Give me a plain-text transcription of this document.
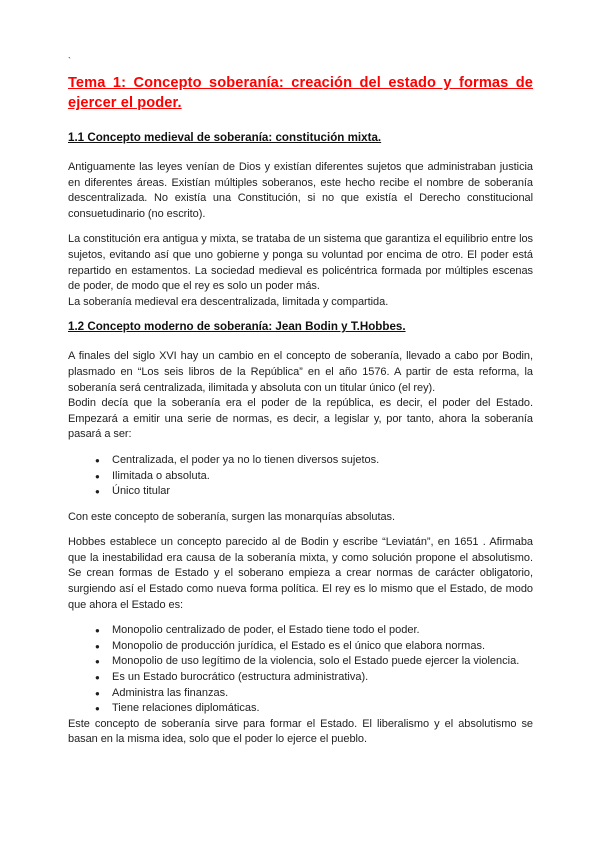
`
Tema 1: Concepto soberanía: creación del estado y formas de ejercer el poder.
1.1 Concepto medieval de soberanía: constitución mixta.
Antiguamente las leyes venían de Dios y existían diferentes sujetos que administraban justicia en diferentes áreas. Existían múltiples soberanos, este hecho recibe el nombre de soberanía descentralizada. No existía una Constitución, si no que existía el Derecho constitucional consuetudinario (no escrito).
La constitución era antigua y mixta, se trataba de un sistema que garantiza el equilibrio entre los sujetos, evitando así que uno gobierne y ponga su voluntad por encima de otro. El poder está repartido en estamentos. La sociedad medieval es policéntrica formada por múltiples escenas de poder, de modo que el rey es solo un poder más.
La soberanía medieval era descentralizada, limitada y compartida.
1.2 Concepto moderno de soberanía: Jean Bodin y T.Hobbes.
A finales del siglo XVI hay un cambio en el concepto de soberanía, llevado a cabo por Bodin, plasmado en “Los seis libros de la República” en el año 1576. A partir de esta reforma, la soberanía será centralizada, ilimitada y absoluta con un titular único (el rey).
Bodin decía que la soberanía era el poder de la república, es decir, el poder del Estado. Empezará a emitir una serie de normas, es decir, a legislar y, por tanto, ahora la soberanía pasará a ser:
●	Centralizada, el poder ya no lo tienen diversos sujetos.
●	Ilimitada o absoluta.
●	Único titular
Con este concepto de soberanía, surgen las monarquías absolutas.
Hobbes establece un concepto parecido al de Bodin y escribe “Leviatán”, en 1651 . Afirmaba que la inestabilidad era causa de la soberanía mixta, y como solución propone el absolutismo. Se crean formas de Estado y el soberano empieza a crear normas de carácter obligatorio, surgiendo así el Estado como nueva forma política. El rey es lo mismo que el Estado, de modo que ahora el Estado es:
●	Monopolio centralizado de poder, el Estado tiene todo el poder.
●	Monopolio de producción jurídica, el Estado es el único que elabora normas.
●	Monopolio de uso legítimo de la violencia, solo el Estado puede ejercer la violencia.
●	Es un Estado burocrático (estructura administrativa).
●	Administra las finanzas.
●	Tiene relaciones diplomáticas.
Este concepto de soberanía sirve para formar el Estado. El liberalismo y el absolutismo se basan en la misma idea, solo que el poder lo ejerce el pueblo.
